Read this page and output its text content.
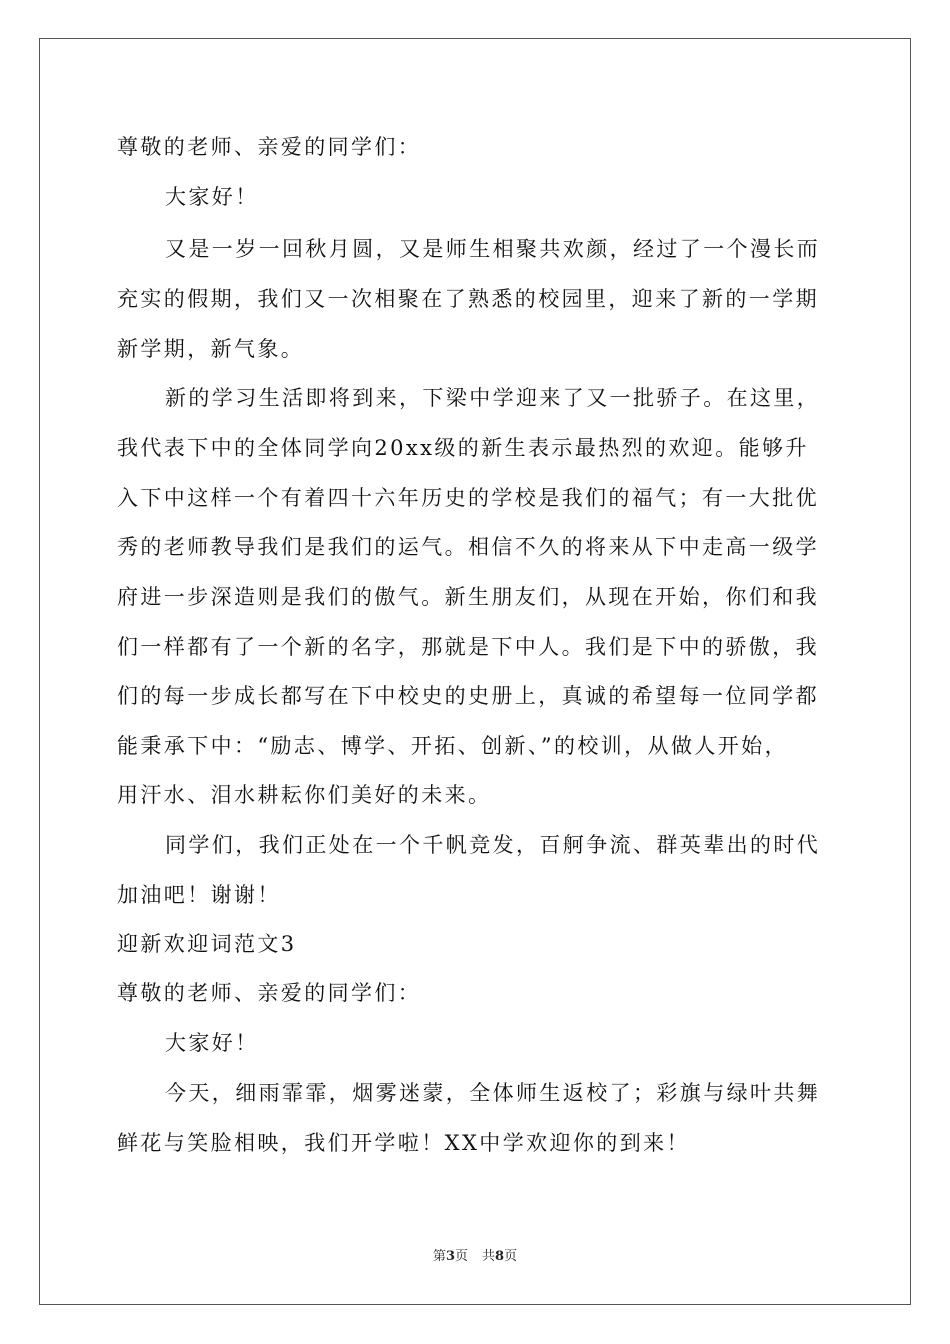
尊敬的老师、亲爱的同学们：
大家好！
又是一岁一回秋月圆，又是师生相聚共欢颜，经过了一个漫长而
充实的假期，我们又一次相聚在了熟悉的校园里，迎来了新的一学期
新学期，新气象。
新的学习生活即将到来，下梁中学迎来了又一批骄子。在这里，
我代表下中的全体同学向20xx级的新生表示最热烈的欢迎。能够升
入下中这样一个有着四十六年历史的学校是我们的福气；有一大批优
秀的老师教导我们是我们的运气。相信不久的将来从下中走高一级学
府进一步深造则是我们的傲气。新生朋友们，从现在开始，你们和我
们一样都有了一个新的名字，那就是下中人。我们是下中的骄傲，我
们的每一步成长都写在下中校史的史册上，真诚的希望每一位同学都
能秉承下中：“励志、博学、开拓、创新、”的校训，从做人开始，
用汗水、泪水耕耘你们美好的未来。
同学们，我们正处在一个千帆竞发，百舸争流、群英辈出的时代
加油吧！谢谢！
迎新欢迎词范文3
尊敬的老师、亲爱的同学们：
大家好！
今天，细雨霏霏，烟雾迷蒙，全体师生返校了；彩旗与绿叶共舞
鲜花与笑脸相映，我们开学啦！XX中学欢迎你的到来！
第3页 共8页
